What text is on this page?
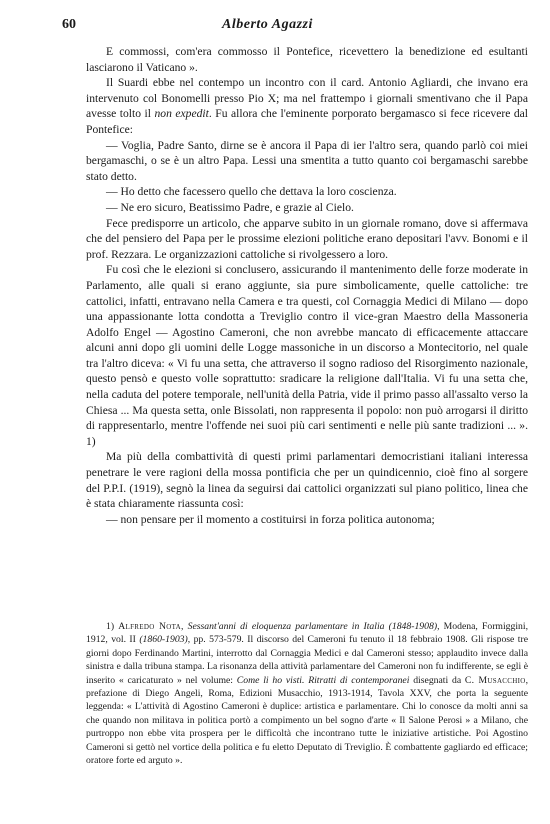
60	Alberto Agazzi

E commossi, com'era commosso il Pontefice, ricevettero la benedizione ed esultanti lasciarono il Vaticano ».

Il Suardi ebbe nel contempo un incontro con il card. Antonio Agliardi, che invano era intervenuto col Bonomelli presso Pio X; ma nel frattempo i giornali smentivano che il Papa avesse tolto il non expedit. Fu allora che l'eminente porporato bergamasco si fece ricevere dal Pontefice:

— Voglia, Padre Santo, dirne se è ancora il Papa di ier l'altro sera, quando parlò coi miei bergamaschi, o se è un altro Papa. Lessi una smentita a tutto quanto coi bergamaschi sarebbe stato detto.

— Ho detto che facessero quello che dettava la loro coscienza.

— Ne ero sicuro, Beatissimo Padre, e grazie al Cielo.

Fece predisporre un articolo, che apparve subito in un giornale romano, dove si affermava che del pensiero del Papa per le prossime elezioni politiche erano depositari l'avv. Bonomi e il prof. Rezzara. Le organizzazioni cattoliche si rivolgessero a loro.

Fu così che le elezioni si conclusero, assicurando il mantenimento delle forze moderate in Parlamento, alle quali si erano aggiunte, sia pure simbolicamente, quelle cattoliche: tre cattolici, infatti, entravano nella Camera e tra questi, col Cornaggia Medici di Milano — dopo una appassionante lotta condotta a Treviglio contro il vice-gran Maestro della Massoneria Adolfo Engel — Agostino Cameroni, che non avrebbe mancato di efficacemente attaccare alcuni anni dopo gli uomini delle Logge massoniche in un discorso a Montecitorio, nel quale tra l'altro diceva: « Vi fu una setta, che attraverso il sogno radioso del Risorgimento nazionale, questo pensò e questo volle soprattutto: sradicare la religione dall'Italia. Vi fu una setta che, nella caduta del potere temporale, nell'unità della Patria, vide il primo passo all'assalto verso la Chiesa ... Ma questa setta, onle Bissolati, non rappresenta il popolo: non può arrogarsi il diritto di rappresentarlo, mentre l'offende nei suoi più cari sentimenti e nelle più sante tradizioni ... ». 1)

Ma più della combattività di questi primi parlamentari democristiani italiani interessa penetrare le vere ragioni della mossa pontificia che per un quindicennio, cioè fino al sorgere del P.P.I. (1919), segnò la linea da seguirsi dai cattolici organizzati sul piano politico, linea che è stata chiaramente riassunta così:

— non pensare per il momento a costituirsi in forza politica autonoma;

1) Alfredo Nota, Sessant'anni di eloquenza parlamentare in Italia (1848-1908), Modena, Formiggini, 1912, vol. II (1860-1903), pp. 573-579. Il discorso del Cameroni fu tenuto il 18 febbraio 1908. Gli rispose tre giorni dopo Ferdinando Martini, interrotto dal Cornaggia Medici e dal Cameroni stesso; applaudito invece dalla sinistra e dalla tribuna stampa. La risonanza della attività parlamentare del Cameroni non fu indifferente, se egli è inserito « caricaturato » nel volume: Come li ho visti. Ritratti di contemporanei disegnati da C. Musacchio, prefazione di Diego Angeli, Roma, Edizioni Musacchio, 1913-1914, Tavola XXV, che porta la seguente leggenda: « L'attività di Agostino Cameroni è duplice: artistica e parlamentare. Chi lo conosce da molti anni sa che quando non militava in politica portò a compimento un bel sogno d'arte « Il Salone Perosi » a Milano, che purtroppo non ebbe vita prospera per le difficoltà che incontrano tutte le iniziative artistiche. Poi Agostino Cameroni si gettò nel vortice della politica e fu eletto Deputato di Treviglio. È combattente gagliardo ed efficace; oratore forte ed arguto ».
